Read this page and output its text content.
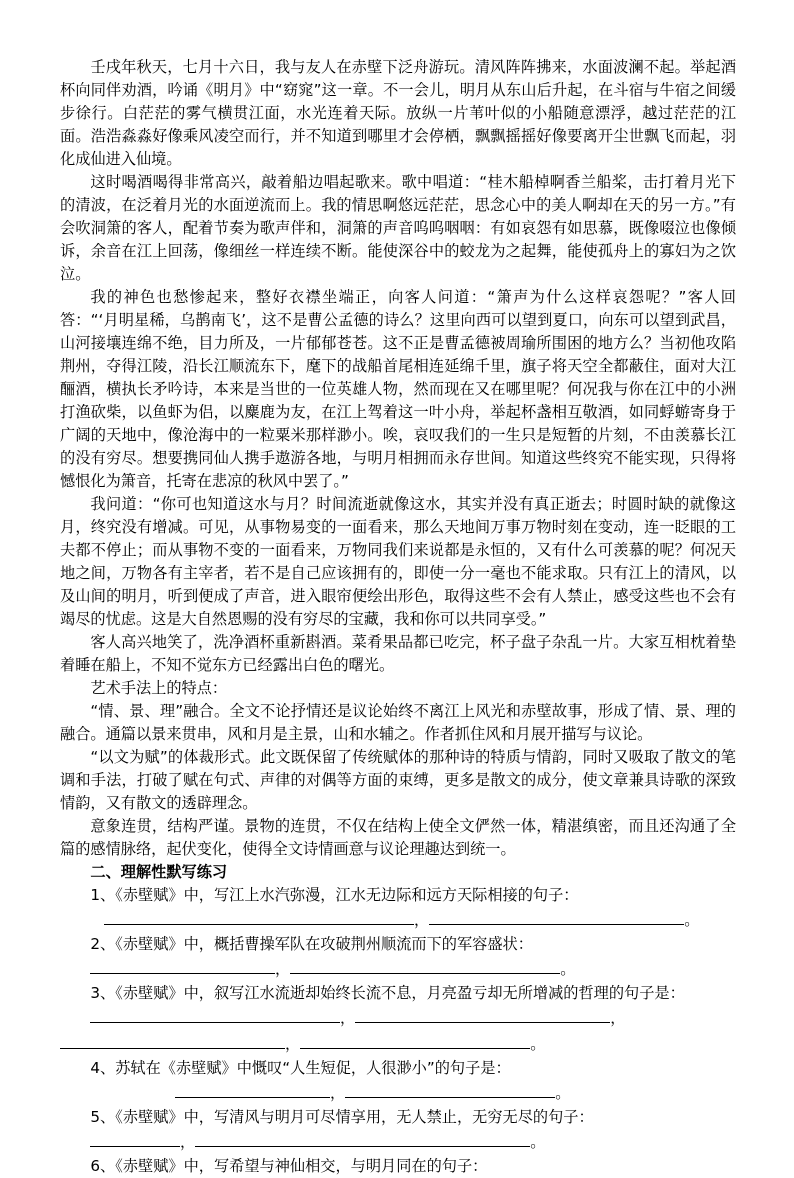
壬戌年秋天，七月十六日，我与友人在赤壁下泛舟游玩。清风阵阵拂来，水面波澜不起。举起酒杯向同伴劝酒，吟诵《明月》中“窈窕”这一章。不一会儿，明月从东山后升起，在斗宿与牛宿之间缓步徐行。白茫茫的雾气横贯江面，水光连着天际。放纵一片苇叶似的小船随意漂浮，越过茫茫的江面。浩浩淼淼好像乘风凌空而行，并不知道到哪里才会停栖，飘飘摇摇好像要离开尘世飘飞而起，羽化成仙进入仙境。

这时喝酒喝得非常高兴，敲着船边唱起歌来。歌中唱道：“桂木船棹啊香兰船桨，击打着月光下的清波，在泛着月光的水面逆流而上。我的情思啊悠远茫茫，思念心中的美人啊却在天的另一方。”有会吹洞箫的客人，配着节奏为歌声伴和，洞箫的声音呜呜咽咽：有如哀怨有如思慕，既像啜泣也像倾诉，余音在江上回荡，像细丝一样连续不断。能使深谷中的蛟龙为之起舞，能使孤舟上的寡妇为之饮泣。

我的神色也愁惨起来，整好衣襟坐端正，向客人问道：“箫声为什么这样哀怨呢？”客人回答：“‘月明星稀，乌鹊南飞’，这不是曹公孟德的诗么？这里向西可以望到夏口，向东可以望到武昌，山河接壤连绵不绝，目力所及，一片郁郁苍苍。这不正是曹孟德被周瑜所围困的地方么？当初他攻陷荆州，夺得江陵，沿长江顺流东下，麾下的战船首尾相连延绵千里，旗子将天空全都蔽住，面对大江酾酒，横执长矛吟诗，本来是当世的一位英雄人物，然而现在又在哪里呢？何况我与你在江中的小洲打渔砍柴，以鱼虾为侣，以麋鹿为友，在江上驾着这一叶小舟，举起杯盏相互敬酒，如同蜉蝣寄身于广阔的天地中，像沧海中的一粒粟米那样渺小。唉，哀叹我们的一生只是短暂的片刻，不由羡慕长江的没有穷尽。想要携同仙人携手遨游各地，与明月相拥而永存世间。知道这些终究不能实现，只得将憾恨化为箫音，托寄在悲凉的秋风中罢了。”

我问道：“你可也知道这水与月？时间流逝就像这水，其实并没有真正逝去；时圆时缺的就像这月，终究没有增减。可见，从事物易变的一面看来，那么天地间万事万物时刻在变动，连一眨眼的工夫都不停止；而从事物不变的一面看来，万物同我们来说都是永恒的，又有什么可羡慕的呢？何况天地之间，万物各有主宰者，若不是自己应该拥有的，即使一分一毫也不能求取。只有江上的清风，以及山间的明月，听到便成了声音，进入眼帘便绘出形色，取得这些不会有人禁止，感受这些也不会有竭尽的忧虑。这是大自然恩赐的没有穷尽的宝藏，我和你可以共同享受。”

客人高兴地笑了，洗净酒杯重新斟酒。菜肴果品都已吃完，杯子盘子杂乱一片。大家互相枕着垫着睡在船上，不知不觉东方已经露出白色的曙光。

艺术手法上的特点：

“情、景、理”融合。全文不论抒情还是议论始终不离江上风光和赤壁故事，形成了情、景、理的融合。通篇以景来贯串，风和月是主景，山和水辅之。作者抓住风和月展开描写与议论。

“以文为赋”的体裁形式。此文既保留了传统赋体的那种诗的特质与情韵，同时又吸取了散文的笔调和手法，打破了赋在句式、声律的对偶等方面的束缚，更多是散文的成分，使文章兼具诗歌的深致情韵，又有散文的透辟理念。

意象连贯，结构严谨。景物的连贯，不仅在结构上使全文俨然一体，精湛缜密，而且还沟通了全篇的感情脉络，起伏变化，使得全文诗情画意与议论理趣达到统一。

二、理解性默写练习

1、《赤壁赋》中，写江上水汽弥漫，江水无边际和远方天际相接的句子：
，	。
2、《赤壁赋》中，概括曹操军队在攻破荆州顺流而下的军容盛状：
，	。
3、《赤壁赋》中，叙写江水流逝却始终长流不息，月亮盈亏却无所增减的哲理的句子是：
，	，
，	。
4、苏轼在《赤壁赋》中慨叹“人生短促，人很渺小”的句子是：
，	。
5、《赤壁赋》中，写清风与明月可尽情享用，无人禁止，无穷无尽的句子：
，	。
6、《赤壁赋》中，写希望与神仙相交，与明月同在的句子：
